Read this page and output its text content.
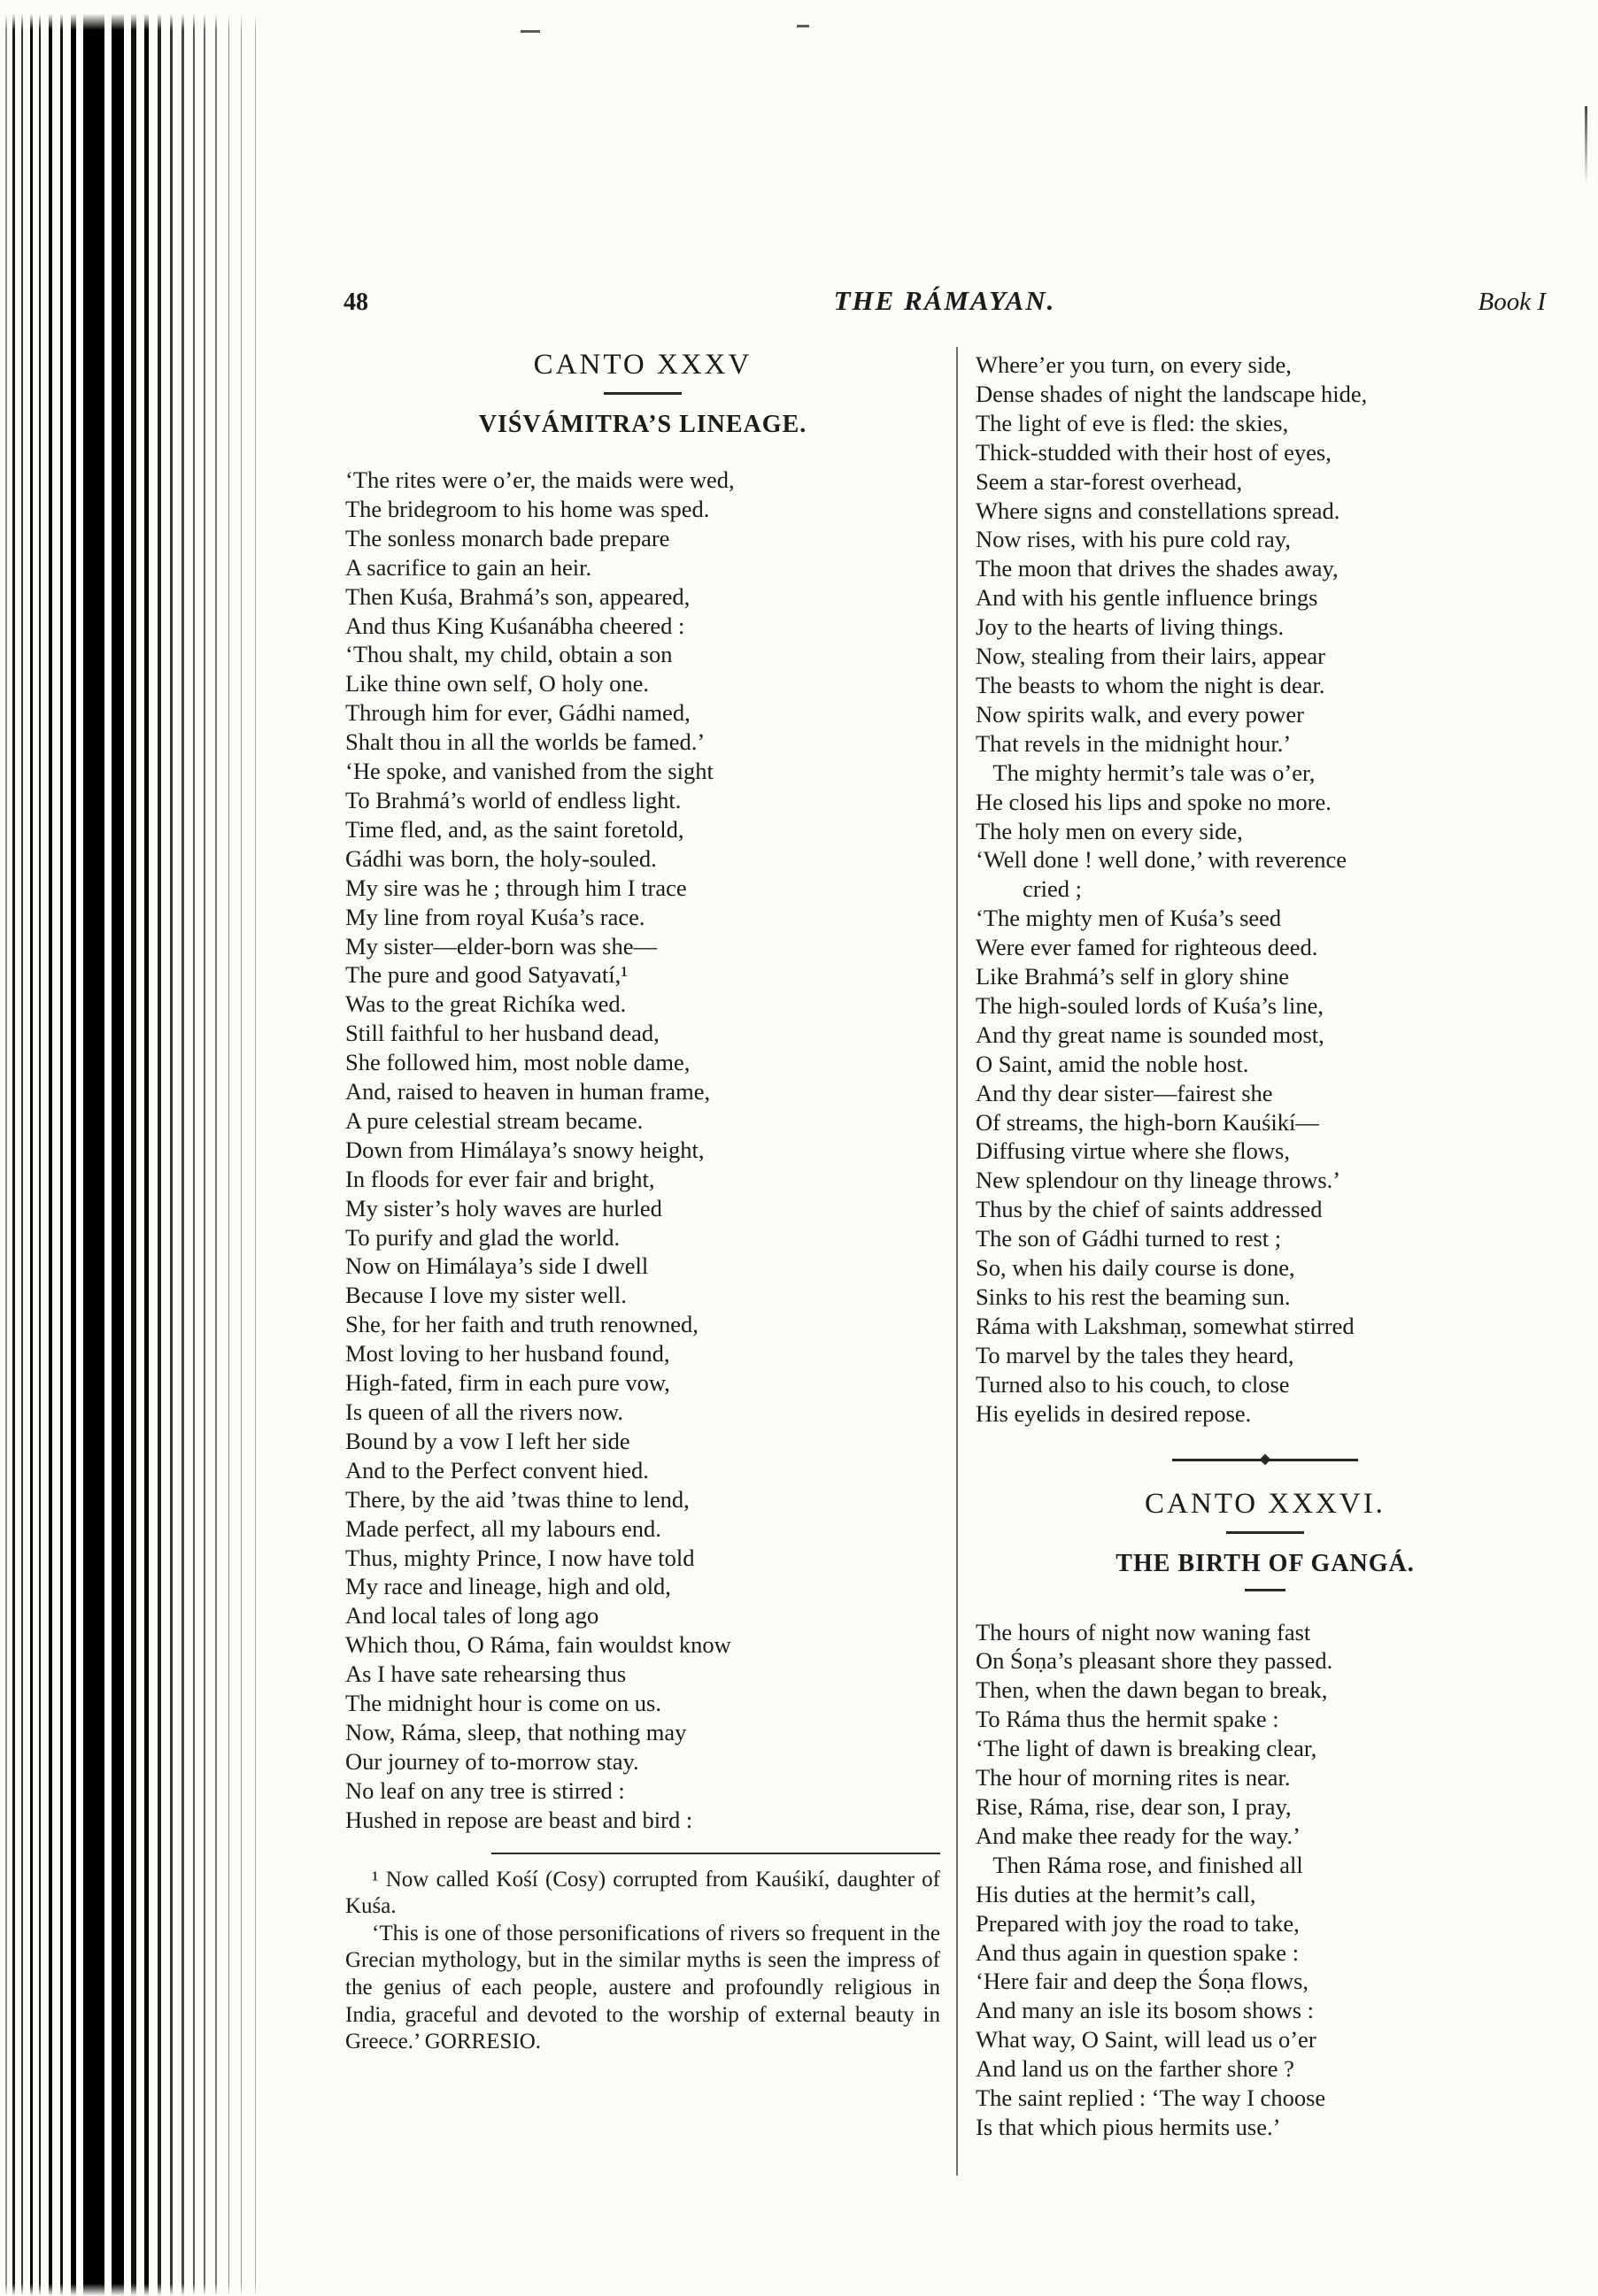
48	THE RÁMAYAN.	Book I
CANTO XXXV
VIŚVÁMITRA’S LINEAGE.
‘The rites were o’er, the maids were wed,
The bridegroom to his home was sped.
The sonless monarch bade prepare
A sacrifice to gain an heir.
Then Kuśa, Brahmá’s son, appeared,
And thus King Kuśanábha cheered :
‘Thou shalt, my child, obtain a son
Like thine own self, O holy one.
Through him for ever, Gádhi named,
Shalt thou in all the worlds be famed.’
‘He spoke, and vanished from the sight
To Brahmá’s world of endless light.
Time fled, and, as the saint foretold,
Gádhi was born, the holy-souled.
My sire was he ; through him I trace
My line from royal Kuśa’s race.
My sister—elder-born was she—
The pure and good Satyavatí,¹
Was to the great Richíka wed.
Still faithful to her husband dead,
She followed him, most noble dame,
And, raised to heaven in human frame,
A pure celestial stream became.
Down from Himálaya’s snowy height,
In floods for ever fair and bright,
My sister’s holy waves are hurled
To purify and glad the world.
Now on Himálaya’s side I dwell
Because I love my sister well.
She, for her faith and truth renowned,
Most loving to her husband found,
High-fated, firm in each pure vow,
Is queen of all the rivers now.
Bound by a vow I left her side
And to the Perfect convent hied.
There, by the aid ’twas thine to lend,
Made perfect, all my labours end.
Thus, mighty Prince, I now have told
My race and lineage, high and old,
And local tales of long ago
Which thou, O Ráma, fain wouldst know
As I have sate rehearsing thus
The midnight hour is come on us.
Now, Ráma, sleep, that nothing may
Our journey of to-morrow stay.
No leaf on any tree is stirred :
Hushed in repose are beast and bird :
¹ Now called Kośí (Cosy) corrupted from Kauśikí, daughter of Kuśa.
‘This is one of those personifications of rivers so frequent in the Grecian mythology, but in the similar myths is seen the impress of the genius of each people, austere and profoundly religious in India, graceful and devoted to the worship of external beauty in Greece.’ GORRESIO.
Where’er you turn, on every side,
Dense shades of night the landscape hide,
The light of eve is fled: the skies,
Thick-studded with their host of eyes,
Seem a star-forest overhead,
Where signs and constellations spread.
Now rises, with his pure cold ray,
The moon that drives the shades away,
And with his gentle influence brings
Joy to the hearts of living things.
Now, stealing from their lairs, appear
The beasts to whom the night is dear.
Now spirits walk, and every power
That revels in the midnight hour.’
The mighty hermit’s tale was o’er,
He closed his lips and spoke no more.
The holy men on every side,
‘Well done ! well done,’ with reverence
cried ;
‘The mighty men of Kuśa’s seed
Were ever famed for righteous deed.
Like Brahmá’s self in glory shine
The high-souled lords of Kuśa’s line,
And thy great name is sounded most,
O Saint, amid the noble host.
And thy dear sister—fairest she
Of streams, the high-born Kauśikí—
Diffusing virtue where she flows,
New splendour on thy lineage throws.’
Thus by the chief of saints addressed
The son of Gádhi turned to rest ;
So, when his daily course is done,
Sinks to his rest the beaming sun.
Ráma with Lakshmaṇ, somewhat stirred
To marvel by the tales they heard,
Turned also to his couch, to close
His eyelids in desired repose.
CANTO XXXVI.
THE BIRTH OF GANGÁ.
The hours of night now waning fast
On Śoṇa’s pleasant shore they passed.
Then, when the dawn began to break,
To Ráma thus the hermit spake :
‘The light of dawn is breaking clear,
The hour of morning rites is near.
Rise, Ráma, rise, dear son, I pray,
And make thee ready for the way.’
Then Ráma rose, and finished all
His duties at the hermit’s call,
Prepared with joy the road to take,
And thus again in question spake :
‘Here fair and deep the Śoṇa flows,
And many an isle its bosom shows :
What way, O Saint, will lead us o’er
And land us on the farther shore ?
The saint replied : ‘The way I choose
Is that which pious hermits use.’
